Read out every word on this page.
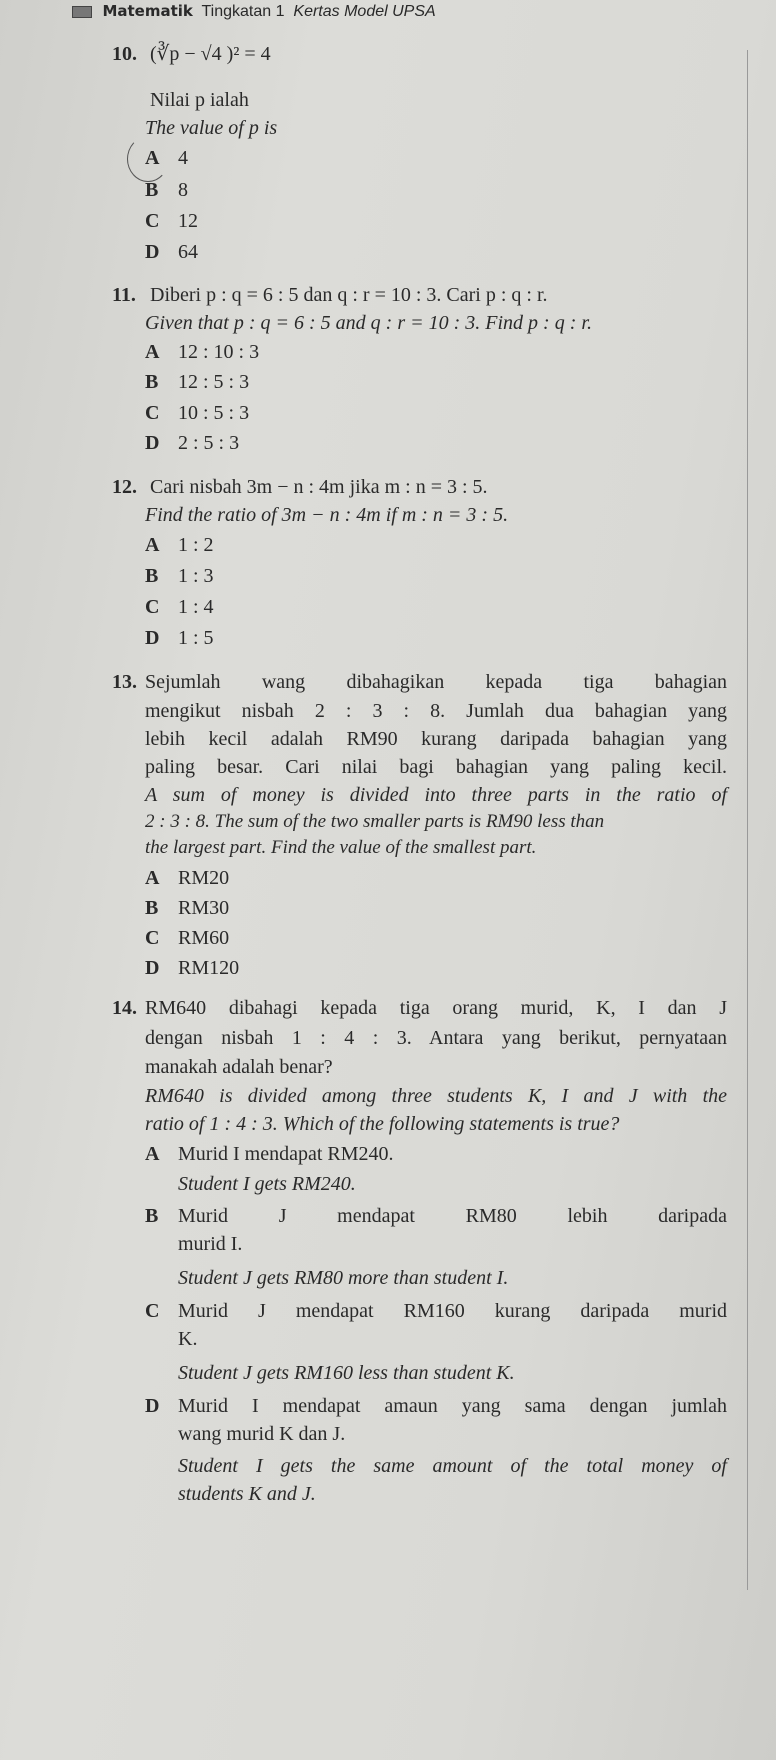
Matematik Tingkatan 1 Kertas Model UPSA
10. (∛p − √4 )² = 4
Nilai p ialah
The value of p is
A 4
B 8
C 12
D 64
11. Diberi p : q = 6 : 5 dan q : r = 10 : 3. Cari p : q : r.
Given that p : q = 6 : 5 and q : r = 10 : 3. Find p : q : r.
A 12 : 10 : 3
B 12 : 5 : 3
C 10 : 5 : 3
D 2 : 5 : 3
12. Cari nisbah 3m − n : 4m jika m : n = 3 : 5.
Find the ratio of 3m − n : 4m if m : n = 3 : 5.
A 1 : 2
B 1 : 3
C 1 : 4
D 1 : 5
13. Sejumlah wang dibahagikan kepada tiga bahagian
mengikut nisbah 2 : 3 : 8. Jumlah dua bahagian yang
lebih kecil adalah RM90 kurang daripada bahagian yang
paling besar. Cari nilai bagi bahagian yang paling kecil.
A sum of money is divided into three parts in the ratio of
2 : 3 : 8. The sum of the two smaller parts is RM90 less than
the largest part. Find the value of the smallest part.
A RM20
B RM30
C RM60
D RM120
14. RM640 dibahagi kepada tiga orang murid, K, I dan J
dengan nisbah 1 : 4 : 3. Antara yang berikut, pernyataan
manakah adalah benar?
RM640 is divided among three students K, I and J with the
ratio of 1 : 4 : 3. Which of the following statements is true?
A Murid I mendapat RM240.
Student I gets RM240.
B Murid J mendapat RM80 lebih daripada
murid I.
Student J gets RM80 more than student I.
C Murid J mendapat RM160 kurang daripada murid
K.
Student J gets RM160 less than student K.
D Murid I mendapat amaun yang sama dengan jumlah
wang murid K dan J.
Student I gets the same amount of the total money of
students K and J.
